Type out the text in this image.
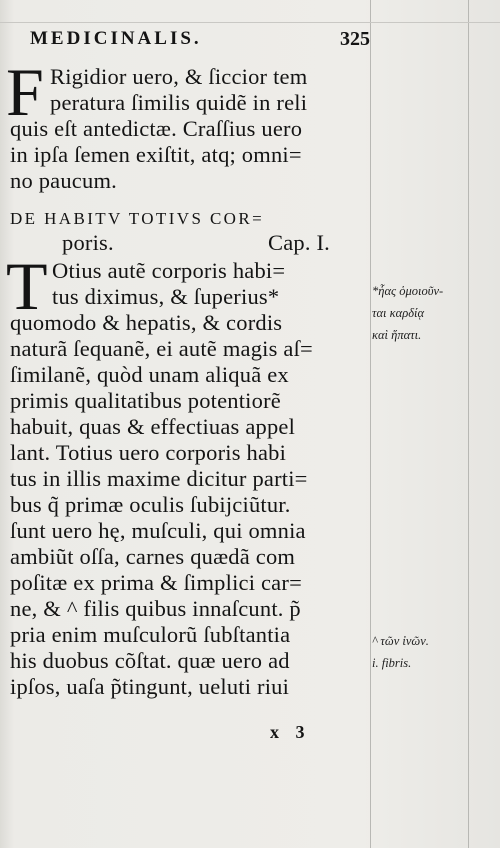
MEDICINALIS.	325
F Rigidior uero, & ſiccior tem
peratura ſimilis quidẽ in reli
quis eſt antedictæ. Craſſius uero
in ipſa ſemen exiſtit, atq; omni=
no paucum.
DE HABITV TOTIVS COR=
poris.	Cap. I.
T Otius autẽ corporis habi=
tus diximus, & ſuperius*
quomodo & hepatis, & cordis
naturã ſequanẽ, ei autẽ magis aſ=
ſimilanẽ, quòd unam aliquã ex
primis qualitatibus potentiorẽ
habuit, quas & effectiuas appel
lant. Totius uero corporis habi
tus in illis maxime dicitur parti=
bus q̃ primæ oculis ſubijciũtur.
ſunt uero hę, muſculi, qui omnia
ambiũt oſſa, carnes quædã com
poſitæ ex prima & ſimplici car=
ne, & ^ filis quibus innaſcunt. p̃
pria enim muſculorũ ſubſtantia
his duobus cõſtat. quæ uero ad
ipſos, uaſa p̃tingunt, ueluti riui
*ἧας ὁμοιοῦν-
ται καρδίᾳ
καὶ ἥπατι.
^ τῶν ἰνῶν.
i. fibris.
x 3
